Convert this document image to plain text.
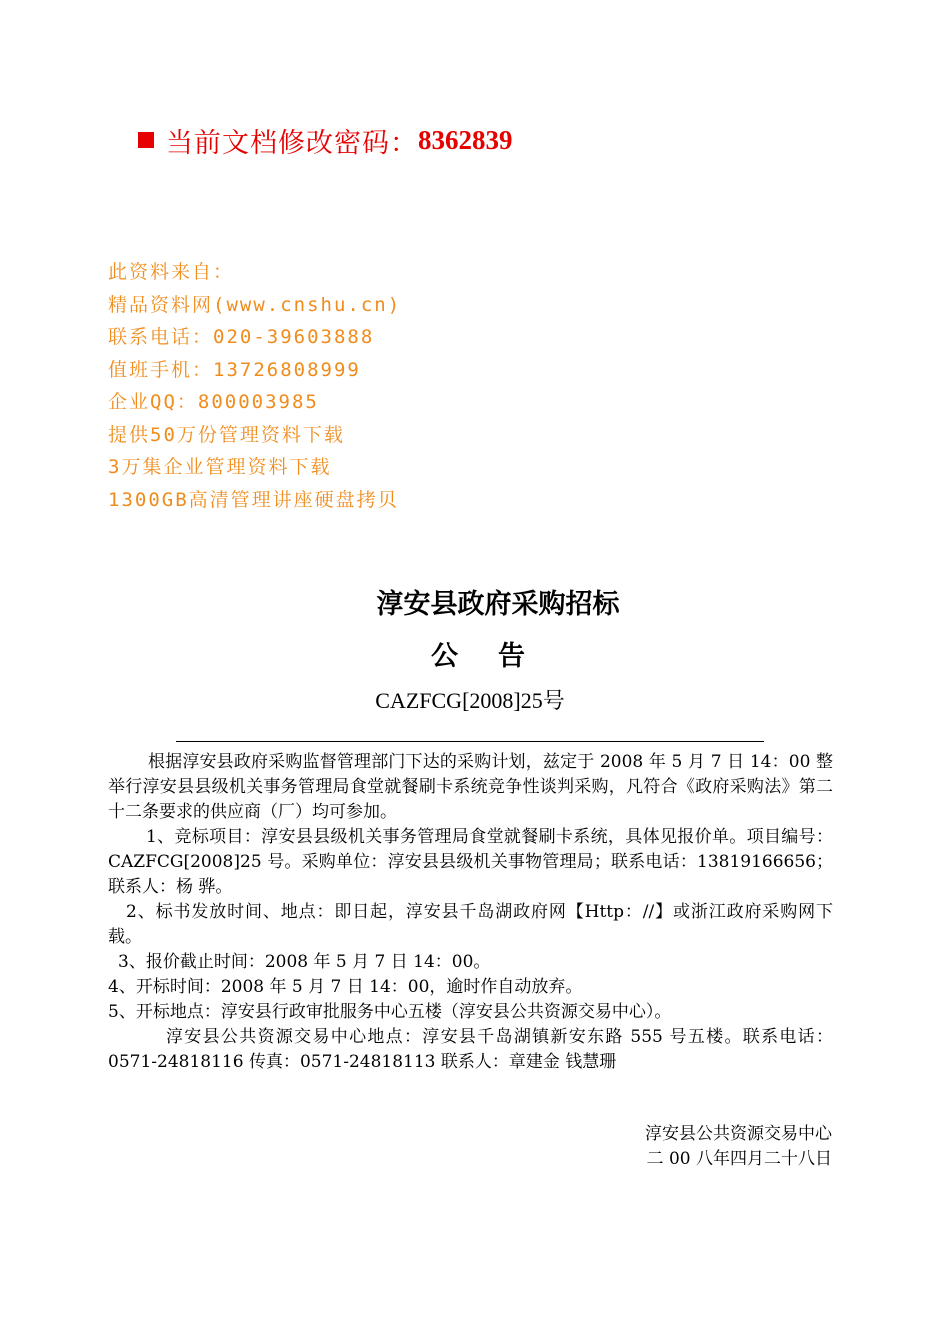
当前文档修改密码： 8362839
此资料来自：
精品资料网(www.cnshu.cn)
联系电话：020-39603888
值班手机：13726808999
企业QQ：800003985
提供50万份管理资料下载
3万集企业管理资料下载
1300GB高清管理讲座硬盘拷贝
淳安县政府采购招标
公告
CAZFCG[2008]25号

根据淳安县政府采购监督管理部门下达的采购计划，兹定于 2008 年 5 月 7 日 14：00 整举行淳安县县级机关事务管理局食堂就餐刷卡系统竞争性谈判采购，凡符合《政府采购法》第二十二条要求的供应商（厂）均可参加。

1、竞标项目：淳安县县级机关事务管理局食堂就餐刷卡系统，具体见报价单。项目编号：CAZFCG[2008]25 号。采购单位：淳安县县级机关事物管理局；联系电话：13819166656；联系人：杨 骅。

2、标书发放时间、地点：即日起，淳安县千岛湖政府网【Http：//】或浙江政府采购网下载。

3、报价截止时间：2008 年 5 月 7 日 14：00。

4、开标时间：2008 年 5 月 7 日 14：00，逾时作自动放弃。

5、开标地点：淳安县行政审批服务中心五楼（淳安县公共资源交易中心）。

淳安县公共资源交易中心地点：淳安县千岛湖镇新安东路 555 号五楼。联系电话： 0571-24818116 传真：0571-24818113 联系人：章建金 钱慧珊

淳安县公共资源交易中心
二 00 八年四月二十八日
